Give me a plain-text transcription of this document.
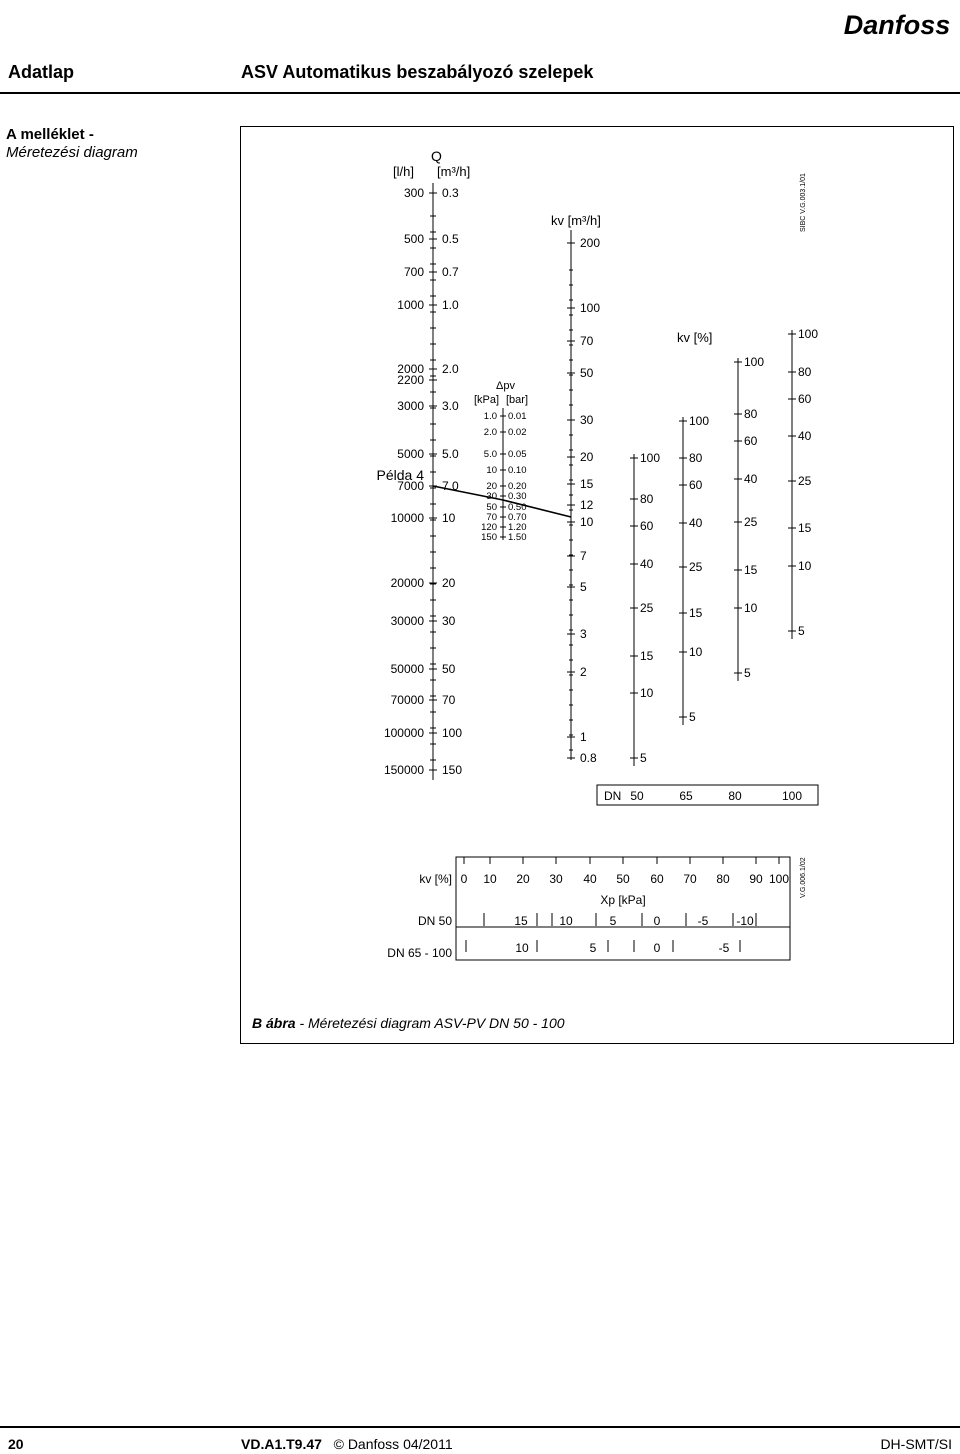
Danfoss
Adatlap	ASV Automatikus beszabályozó szelepek
A melléklet -
Méretezési diagram	Q
[l/h] [m³/h]
300 0.3
500 0.5
700 0.7
1000 1.0
2000 2.0
2200
3000 3.0
5000 5.0
7000 7.0
10000 10
20000 20
30000 30
50000 50
70000 70
100000 100
150000 150
Példa 4
Δpv
[kPa] [bar]
1.0 0.01
2.0 0.02
5.0 0.05
10 0.10
20 0.20
30 0.30
50 0.50
70 0.70
120 1.20
150 1.50
kv [m³/h]
200
100
70
50
30
20
15
12
10
7
5
3
2
1
0.8
kv [%]
100
80
60
40
25
15
10
5
100
80
60
40
25
15
10
5
100
80
60
40
25
15
10
5
100
80
60
40
25
15
10
5
DN 50	65	80	100
SIBC V.G.003.1/01
kv [%] 0 10 20 30 40 50 60 70 80 90 100
Xp [kPa]
DN 50	15	10	5	0	-5 -10
DN 65 - 100	10	5	0	-5
V.G.006.1/02
B ábra - Méretezési diagram ASV-PV DN 50 - 100
20	VD.A1.T9.47 © Danfoss 04/2011	DH-SMT/SI
